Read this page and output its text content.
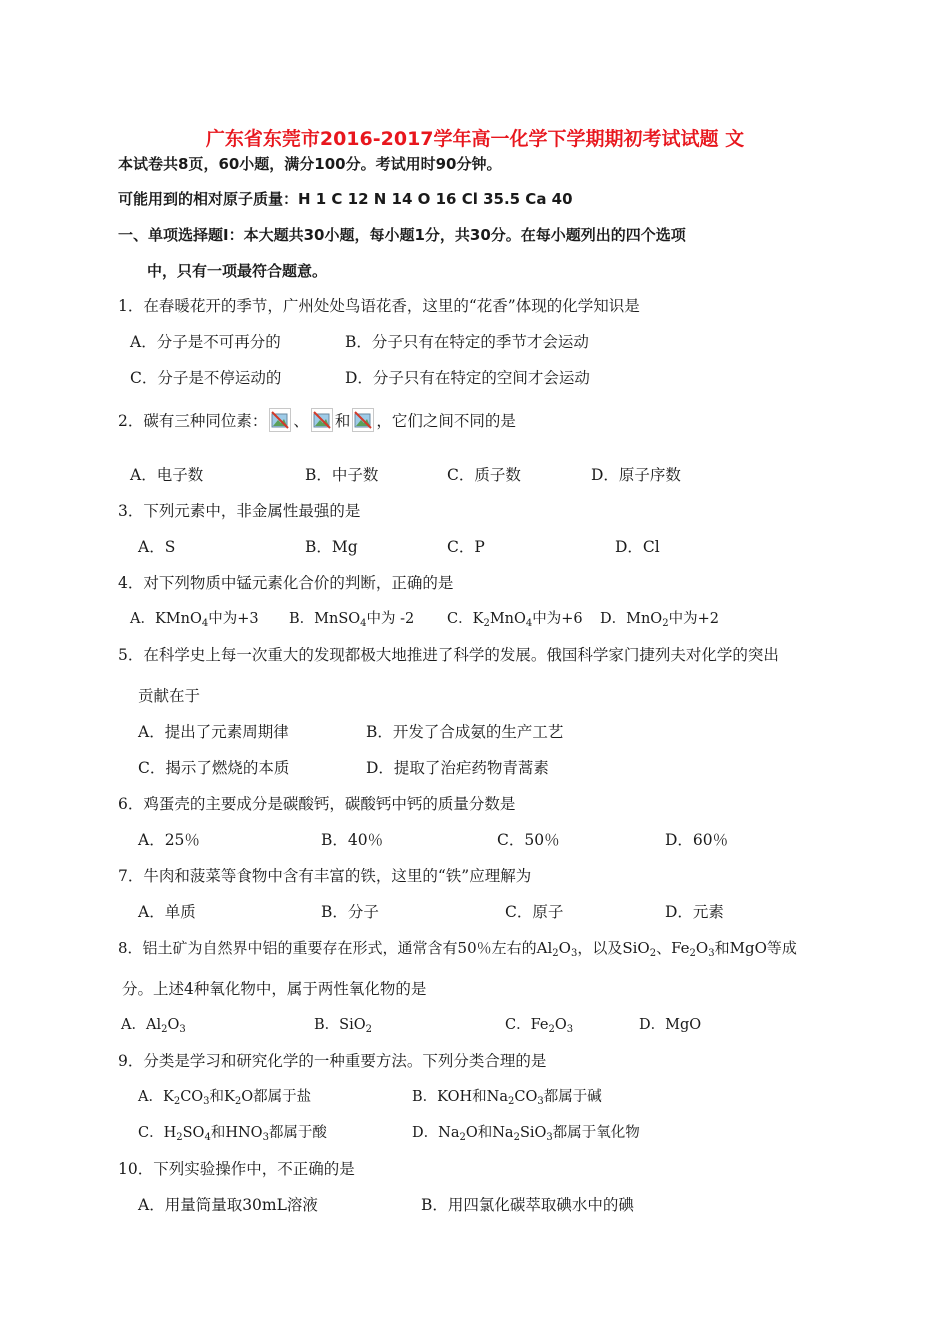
广东省东莞市2016-2017学年高一化学下学期期初考试试题 文
本试卷共8页，60小题，满分100分。考试用时90分钟。
可能用到的相对原子质量：H 1 C 12 N 14 O 16 Cl 35.5 Ca 40
一、单项选择题Ⅰ：本大题共30小题，每小题1分，共30分。在每小题列出的四个选项
中，只有一项最符合题意。
1．在春暖花开的季节，广州处处鸟语花香，这里的“花香”体现的化学知识是
A．分子是不可再分的	B．分子只有在特定的季节才会运动
C．分子是不停运动的	D．分子只有在特定的空间才会运动
2．碳有三种同位素： 、 和 ，它们之间不同的是
A．电子数	B．中子数	C．质子数	D．原子序数
3．下列元素中，非金属性最强的是
A．S	B．Mg	C．P	D．Cl
4．对下列物质中锰元素化合价的判断，正确的是
A．KMnO$_4$中为+3 B．MnSO$_4$中为 -2 C．$K_2MnO_4$中为+6 D．MnO$_2$中为+2
5．在科学史上每一次重大的发现都极大地推进了科学的发展。俄国科学家门捷列夫对化学的突出
贡献在于
A．提出了元素周期律	B．开发了合成氨的生产工艺
C．揭示了燃烧的本质	D．提取了治疟药物青蒿素
6．鸡蛋壳的主要成分是碳酸钙，碳酸钙中钙的质量分数是
A．25％	B．40％	C．50％	D．60％
7．牛肉和菠菜等食物中含有丰富的铁，这里的“铁”应理解为
A．单质	B．分子	C．原子	D．元素
8．铝土矿为自然界中铝的重要存在形式，通常含有50％左右的$Al_2O_3$，以及SiO$_2$、$Fe_2O_3$和MgO等成
分。上述4种氧化物中，属于两性氧化物的是
A．$Al_2O_3$	B．SiO$_2$	C．$Fe_2O_3$	D．MgO
9．分类是学习和研究化学的一种重要方法。下列分类合理的是
A．$K_2CO_3$和$K_2O$都属于盐	B．KOH和$Na_2CO_3$都属于碱
C．$H_2SO_4$和$HNO_3$都属于酸	D．$Na_2O$和$Na_2SiO_3$都属于氧化物
10．下列实验操作中，不正确的是
A．用量筒量取30mL溶液	B．用四氯化碳萃取碘水中的碘
